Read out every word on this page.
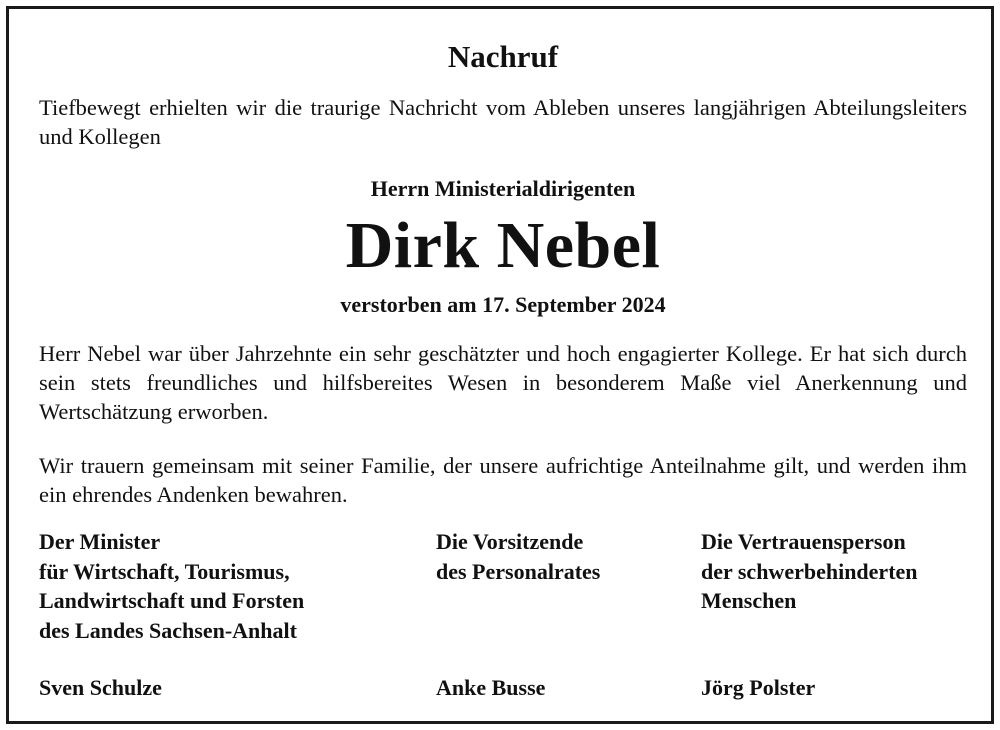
Nachruf
Tiefbewegt erhielten wir die traurige Nachricht vom Ableben unseres langjährigen Abteilungsleiters und Kollegen
Herrn Ministerialdirigenten
Dirk Nebel
verstorben am 17. September 2024
Herr Nebel war über Jahrzehnte ein sehr geschätzter und hoch engagierter Kollege. Er hat sich durch sein stets freundliches und hilfsbereites Wesen in besonderem Maße viel Anerkennung und Wertschätzung erworben.
Wir trauern gemeinsam mit seiner Familie, der unsere aufrichtige Anteilnahme gilt, und werden ihm ein ehrendes Andenken bewahren.
Der Minister
für Wirtschaft, Tourismus,
Landwirtschaft und Forsten
des Landes Sachsen-Anhalt
Die Vorsitzende
des Personalrates
Die Vertrauensperson
der schwerbehinderten
Menschen
Sven Schulze	Anke Busse	Jörg Polster
